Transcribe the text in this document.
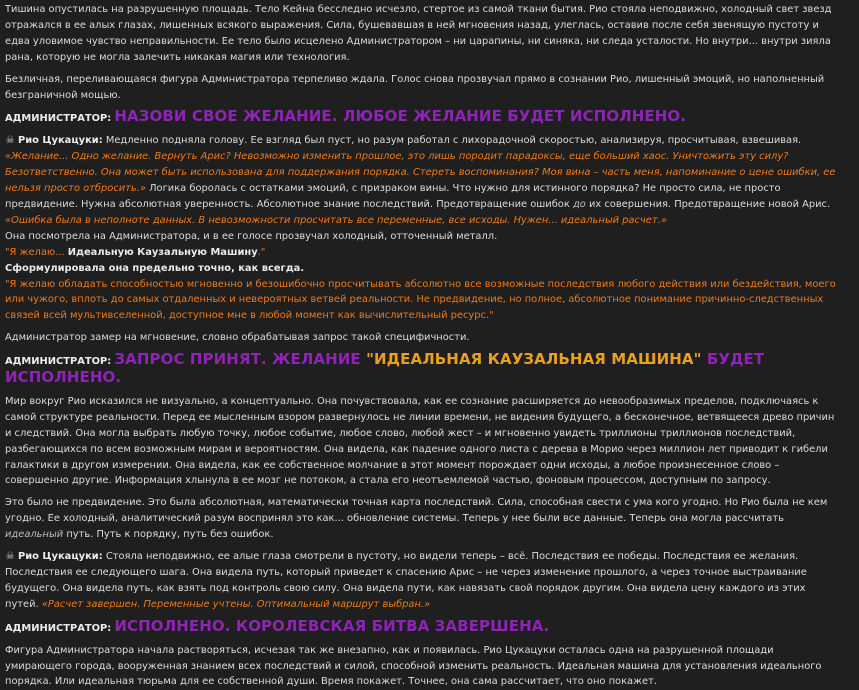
Тишина опустилась на разрушенную площадь. Тело Кейна бесследно исчезло, стертое из самой ткани бытия. Рио стояла неподвижно, холодный свет звезд отражался в ее алых глазах, лишенных всякого выражения. Сила, бушевавшая в ней мгновения назад, улеглась, оставив после себя звенящую пустоту и едва уловимое чувство неправильности. Ее тело было исцелено Администратором – ни царапины, ни синяка, ни следа усталости. Но внутри... внутри зияла рана, которую не могла залечить никакая магия или технология.

Безличная, переливающаяся фигура Администратора терпеливо ждала. Голос снова прозвучал прямо в сознании Рио, лишенный эмоций, но наполненный безграничной мощью.

АДМИНИСТРАТОР: НАЗОВИ СВОЕ ЖЕЛАНИЕ. ЛЮБОЕ ЖЕЛАНИЕ БУДЕТ ИСПОЛНЕНО.

☠ Рио Цукацуки: Медленно подняла голову. Ее взгляд был пуст, но разум работал с лихорадочной скоростью, анализируя, просчитывая, взвешивая. «Желание... Одно желание. Вернуть Арис? Невозможно изменить прошлое, это лишь породит парадоксы, еще больший хаос. Уничтожить эту силу? Безответственно. Она может быть использована для поддержания порядка. Стереть воспоминания? Моя вина – часть меня, напоминание о цене ошибки, ее нельзя просто отбросить.» Логика боролась с остатками эмоций, с призраком вины. Что нужно для истинного порядка? Не просто сила, не просто предвидение. Нужна абсолютная уверенность. Абсолютное знание последствий. Предотвращение ошибок до их совершения. Предотвращение новой Арис. «Ошибка была в неполноте данных. В невозможности просчитать все переменные, все исходы. Нужен... идеальный расчет.»
Она посмотрела на Администратора, и в ее голосе прозвучал холодный, отточенный металл.
"Я желаю... Идеальную Каузальную Машину."
Сформулировала она предельно точно, как всегда.
"Я желаю обладать способностью мгновенно и безошибочно просчитывать абсолютно все возможные последствия любого действия или бездействия, моего или чужого, вплоть до самых отдаленных и невероятных ветвей реальности. Не предвидение, но полное, абсолютное понимание причинно-следственных связей всей мультивселенной, доступное мне в любой момент как вычислительный ресурс."

Администратор замер на мгновение, словно обрабатывая запрос такой специфичности.

АДМИНИСТРАТОР: ЗАПРОС ПРИНЯТ. ЖЕЛАНИЕ "ИДЕАЛЬНАЯ КАУЗАЛЬНАЯ МАШИНА" БУДЕТ ИСПОЛНЕНО.

Мир вокруг Рио исказился не визуально, а концептуально. Она почувствовала, как ее сознание расширяется до невообразимых пределов, подключаясь к самой структуре реальности. Перед ее мысленным взором развернулось не линии времени, не видения будущего, а бесконечное, ветвящееся древо причин и следствий. Она могла выбрать любую точку, любое событие, любое слово, любой жест – и мгновенно увидеть триллионы триллионов последствий, разбегающихся по всем возможным мирам и вероятностям. Она видела, как падение одного листа с дерева в Морио через миллион лет приводит к гибели галактики в другом измерении. Она видела, как ее собственное молчание в этот момент порождает одни исходы, а любое произнесенное слово – совершенно другие. Информация хлынула в ее мозг не потоком, а стала его неотъемлемой частью, фоновым процессом, доступным по запросу.

Это было не предвидение. Это была абсолютная, математически точная карта последствий. Сила, способная свести с ума кого угодно. Но Рио была не кем угодно. Ее холодный, аналитический разум воспринял это как... обновление системы. Теперь у нее были все данные. Теперь она могла рассчитать идеальный путь. Путь к порядку, путь без ошибок.

☠ Рио Цукацуки: Стояла неподвижно, ее алые глаза смотрели в пустоту, но видели теперь – всё. Последствия ее победы. Последствия ее желания. Последствия ее следующего шага. Она видела путь, который приведет к спасению Арис – не через изменение прошлого, а через точное выстраивание будущего. Она видела путь, как взять под контроль свою силу. Она видела пути, как навязать свой порядок другим. Она видела цену каждого из этих путей. «Расчет завершен. Переменные учтены. Оптимальный маршрут выбран.»

АДМИНИСТРАТОР: ИСПОЛНЕНО. КОРОЛЕВСКАЯ БИТВА ЗАВЕРШЕНА.

Фигура Администратора начала растворяться, исчезая так же внезапно, как и появилась. Рио Цукацуки осталась одна на разрушенной площади умирающего города, вооруженная знанием всех последствий и силой, способной изменить реальность. Идеальная машина для установления идеального порядка. Или идеальная тюрьма для ее собственной души. Время покажет. Точнее, она сама рассчитает, что оно покажет.
